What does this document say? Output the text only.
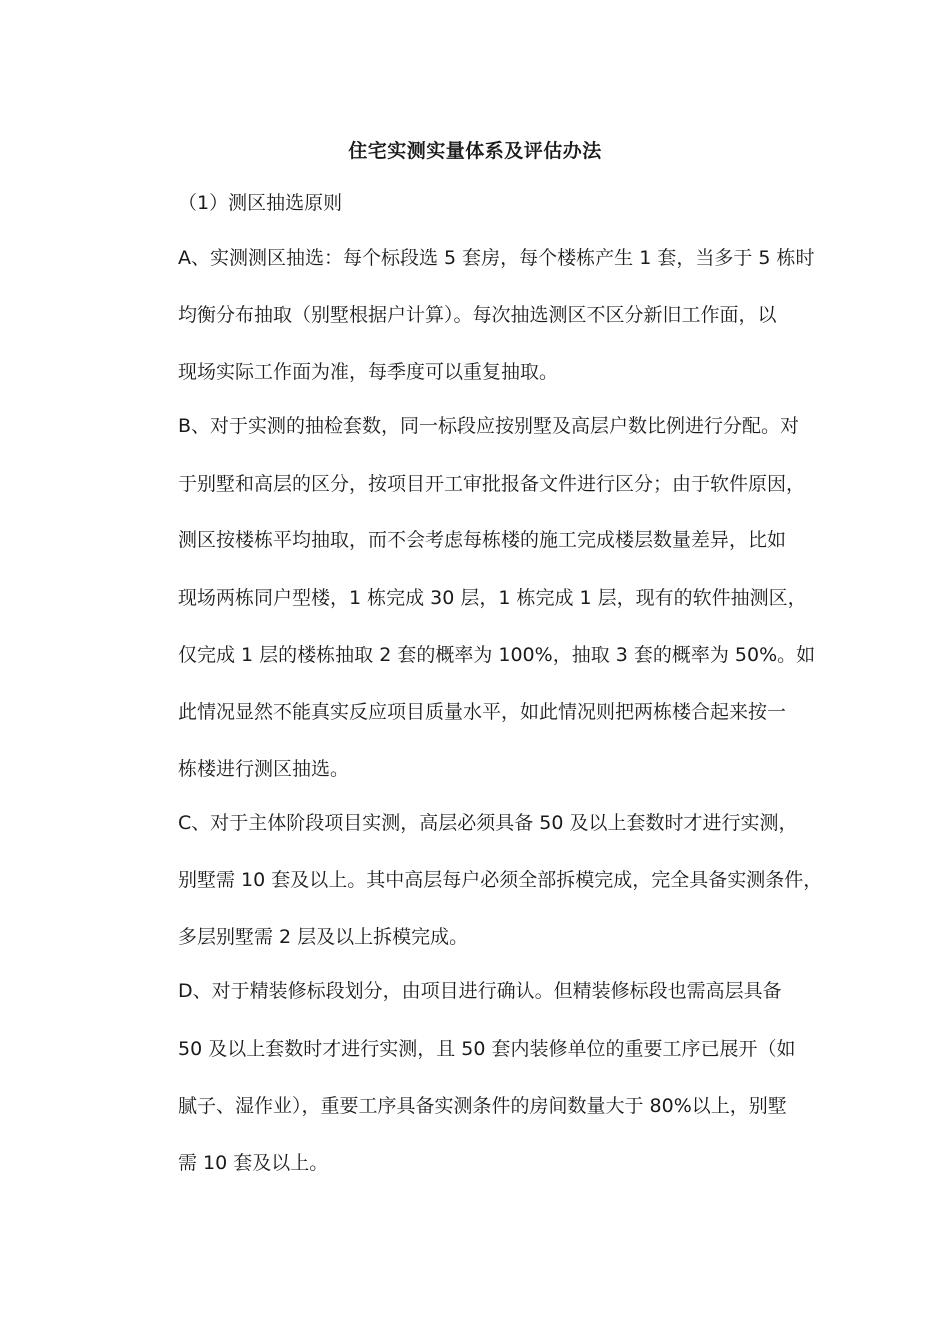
住宅实测实量体系及评估办法
（1）测区抽选原则
A、实测测区抽选：每个标段选 5 套房，每个楼栋产生 1 套，当多于 5 栋时
均衡分布抽取（别墅根据户计算）。每次抽选测区不区分新旧工作面，以
现场实际工作面为准，每季度可以重复抽取。
B、对于实测的抽检套数，同一标段应按别墅及高层户数比例进行分配。对
于别墅和高层的区分，按项目开工审批报备文件进行区分；由于软件原因，
测区按楼栋平均抽取，而不会考虑每栋楼的施工完成楼层数量差异，比如
现场两栋同户型楼，1 栋完成 30 层，1 栋完成 1 层，现有的软件抽测区，
仅完成 1 层的楼栋抽取 2 套的概率为 100%，抽取 3 套的概率为 50%。如
此情况显然不能真实反应项目质量水平，如此情况则把两栋楼合起来按一
栋楼进行测区抽选。
C、对于主体阶段项目实测，高层必须具备 50 及以上套数时才进行实测，
别墅需 10 套及以上。其中高层每户必须全部拆模完成，完全具备实测条件，
多层别墅需 2 层及以上拆模完成。
D、对于精装修标段划分，由项目进行确认。但精装修标段也需高层具备
50 及以上套数时才进行实测，且 50 套内装修单位的重要工序已展开（如
腻子、湿作业），重要工序具备实测条件的房间数量大于 80%以上，别墅
需 10 套及以上。
